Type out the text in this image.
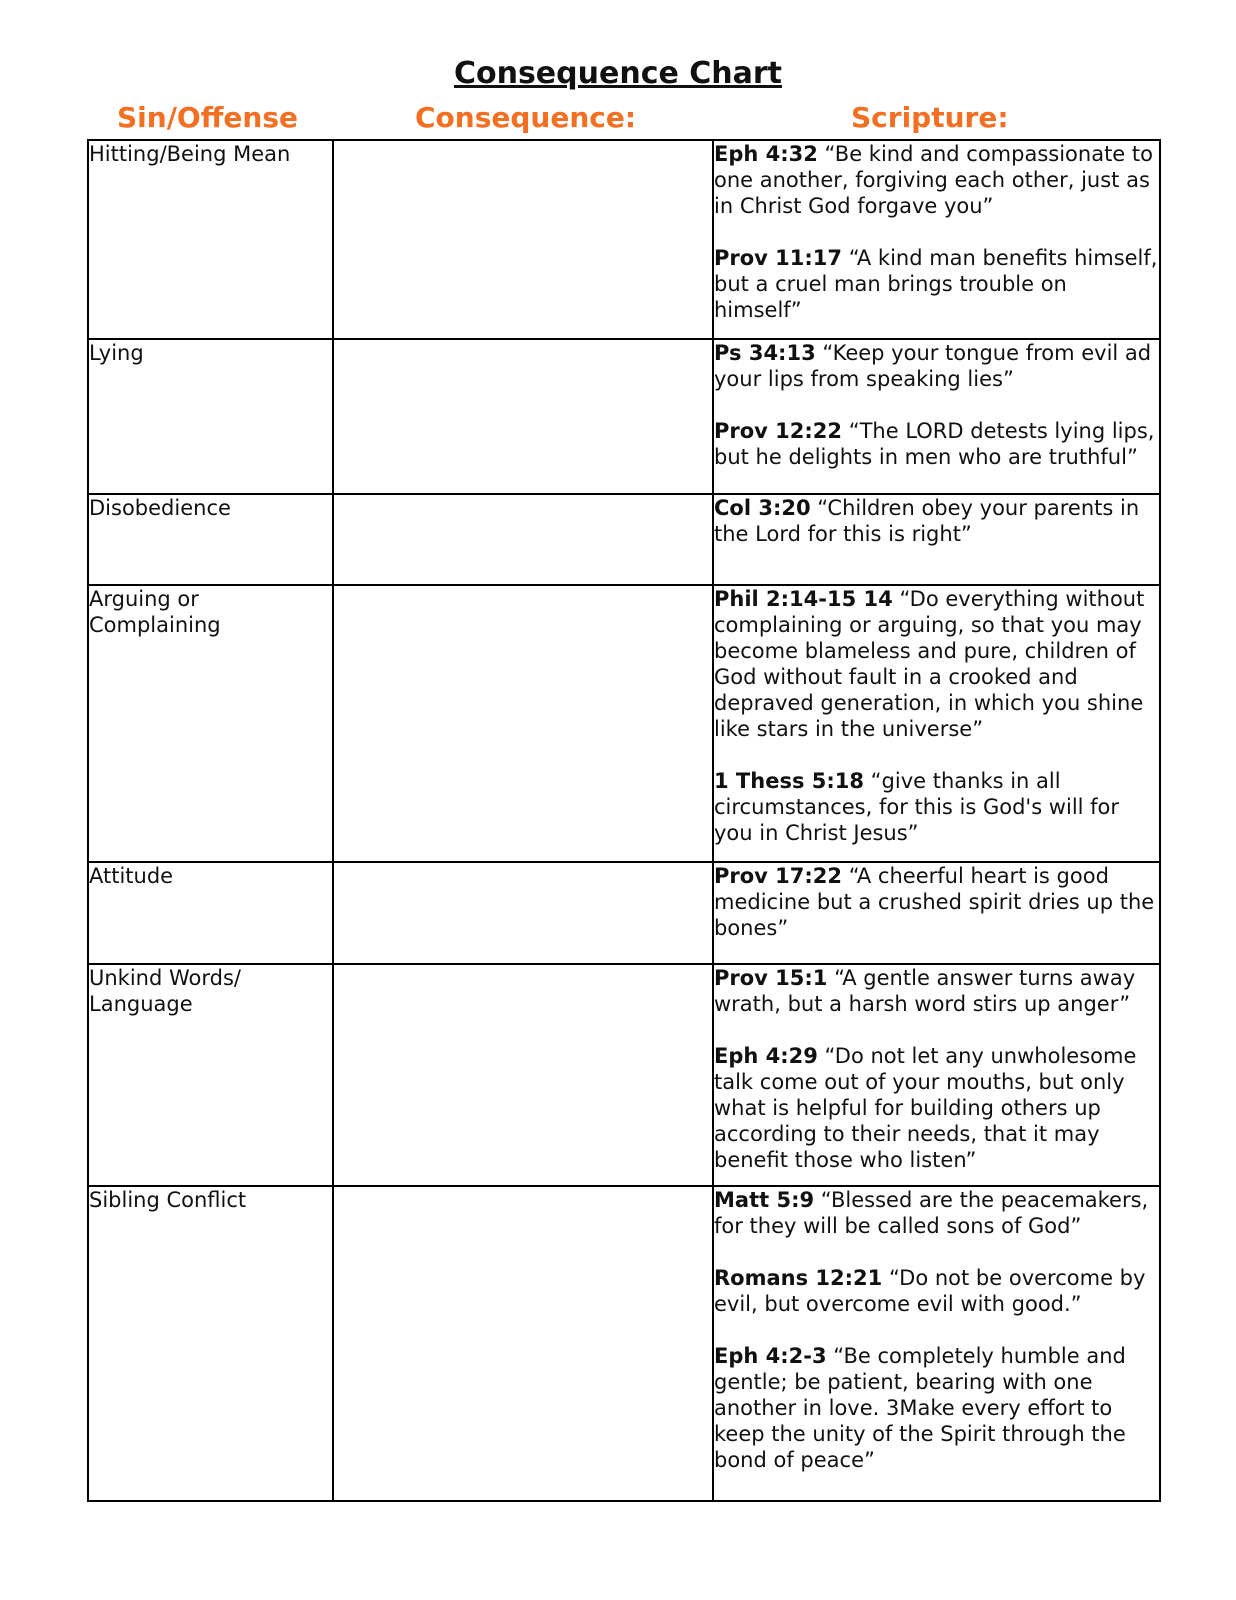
Consequence Chart
Sin/Offense	Consequence:	Scripture:
Hitting/Being Mean		Eph 4:32 “Be kind and compassionate to one another, forgiving each other, just as in Christ God forgave you”

Prov 11:17 “A kind man benefits himself, but a cruel man brings trouble on himself”

Lying		Ps 34:13 “Keep your tongue from evil ad your lips from speaking lies”

Prov 12:22 “The LORD detests lying lips, but he delights in men who are truthful”

Disobedience		Col 3:20 “Children obey your parents in the Lord for this is right”

Arguing or Complaining		Phil 2:14-15 14 “Do everything without complaining or arguing, so that you may become blameless and pure, children of God without fault in a crooked and depraved generation, in which you shine like stars in the universe”

1 Thess 5:18 “give thanks in all circumstances, for this is God's will for you in Christ Jesus”

Attitude		Prov 17:22 “A cheerful heart is good medicine but a crushed spirit dries up the bones”

Unkind Words/ Language		Prov 15:1 “A gentle answer turns away wrath, but a harsh word stirs up anger”

Eph 4:29 “Do not let any unwholesome talk come out of your mouths, but only what is helpful for building others up according to their needs, that it may benefit those who listen”

Sibling Conflict		Matt 5:9 “Blessed are the peacemakers, for they will be called sons of God”

Romans 12:21 “Do not be overcome by evil, but overcome evil with good.”

Eph 4:2-3 “Be completely humble and gentle; be patient, bearing with one another in love. 3Make every effort to keep the unity of the Spirit through the bond of peace”
